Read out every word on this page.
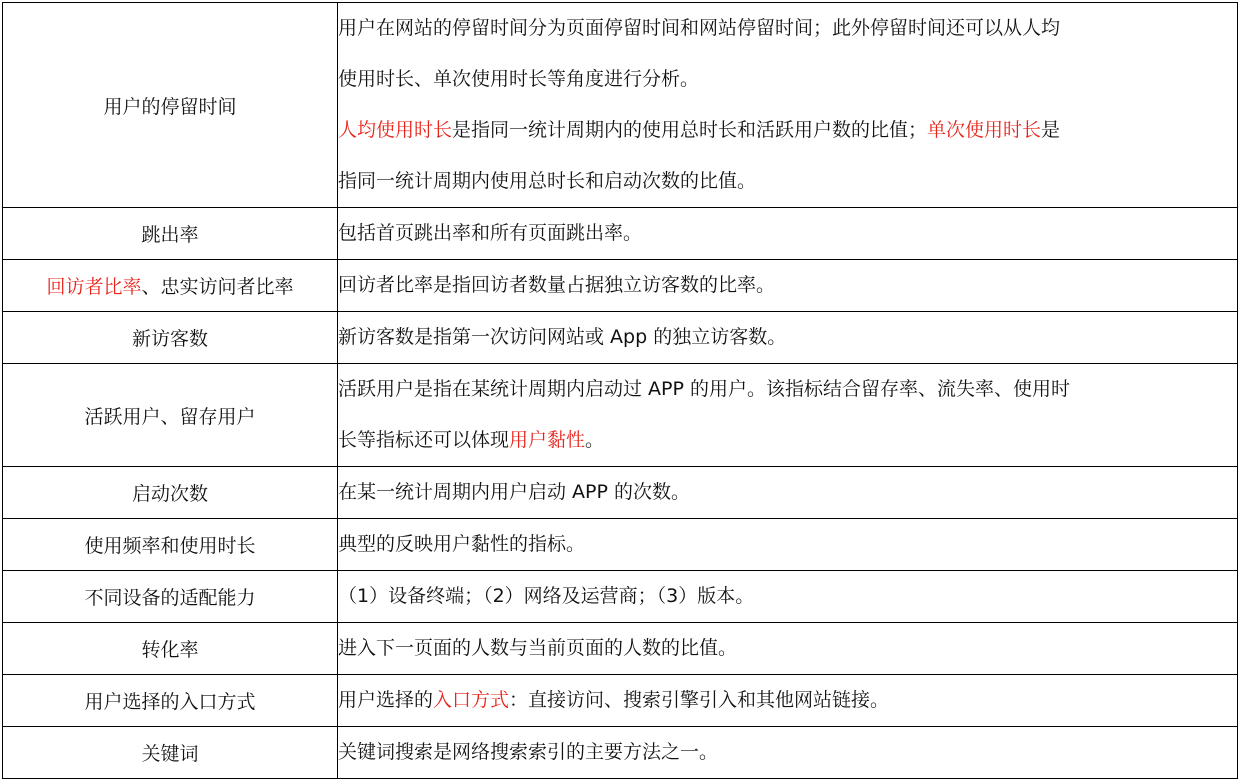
用户的停留时间	用户在网站的停留时间分为页面停留时间和网站停留时间；此外停留时间还可以从人均
使用时长、单次使用时长等角度进行分析。
人均使用时长是指同一统计周期内的使用总时长和活跃用户数的比值；单次使用时长是
指同一统计周期内使用总时长和启动次数的比值。

跳出率	包括首页跳出率和所有页面跳出率。

回访者比率、忠实访问者比率	回访者比率是指回访者数量占据独立访客数的比率。

新访客数	新访客数是指第一次访问网站或 App 的独立访客数。

活跃用户、留存用户	活跃用户是指在某统计周期内启动过 APP 的用户。该指标结合留存率、流失率、使用时
长等指标还可以体现用户黏性。

启动次数	在某一统计周期内用户启动 APP 的次数。

使用频率和使用时长	典型的反映用户黏性的指标。

不同设备的适配能力	（1）设备终端；（2）网络及运营商；（3）版本。

转化率	进入下一页面的人数与当前页面的人数的比值。

用户选择的入口方式	用户选择的入口方式：直接访问、搜索引擎引入和其他网站链接。

关键词	关键词搜索是网络搜索索引的主要方法之一。
